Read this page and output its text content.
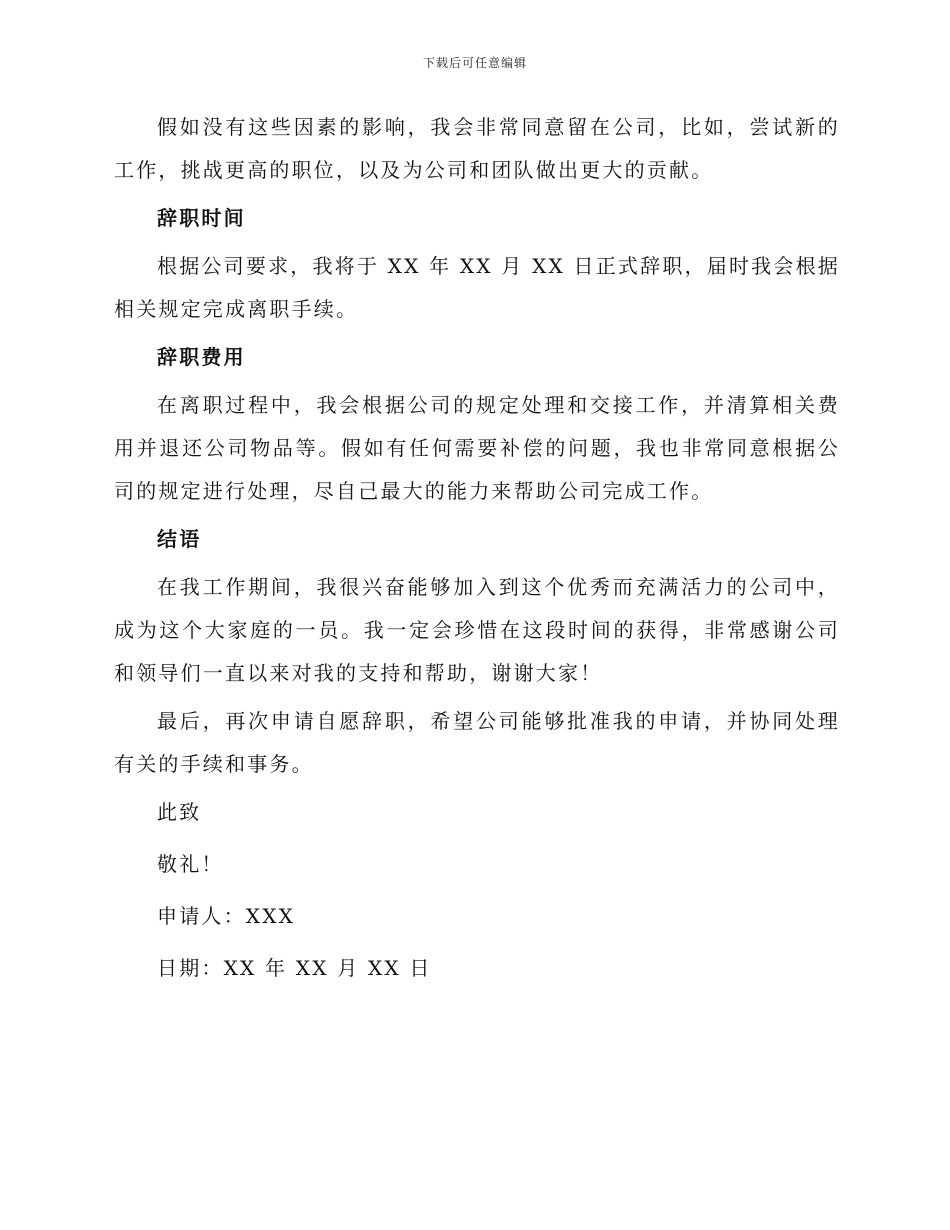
下载后可任意编辑

假如没有这些因素的影响，我会非常同意留在公司，比如，尝试新的工作，挑战更高的职位，以及为公司和团队做出更大的贡献。

辞职时间

根据公司要求，我将于 XX 年 XX 月 XX 日正式辞职，届时我会根据相关规定完成离职手续。

辞职费用

在离职过程中，我会根据公司的规定处理和交接工作，并清算相关费用并退还公司物品等。假如有任何需要补偿的问题，我也非常同意根据公司的规定进行处理，尽自己最大的能力来帮助公司完成工作。

结语

在我工作期间，我很兴奋能够加入到这个优秀而充满活力的公司中，成为这个大家庭的一员。我一定会珍惜在这段时间的获得，非常感谢公司和领导们一直以来对我的支持和帮助，谢谢大家！

最后，再次申请自愿辞职，希望公司能够批准我的申请，并协同处理有关的手续和事务。

此致

敬礼！

申请人：XXX

日期：XX 年 XX 月 XX 日
